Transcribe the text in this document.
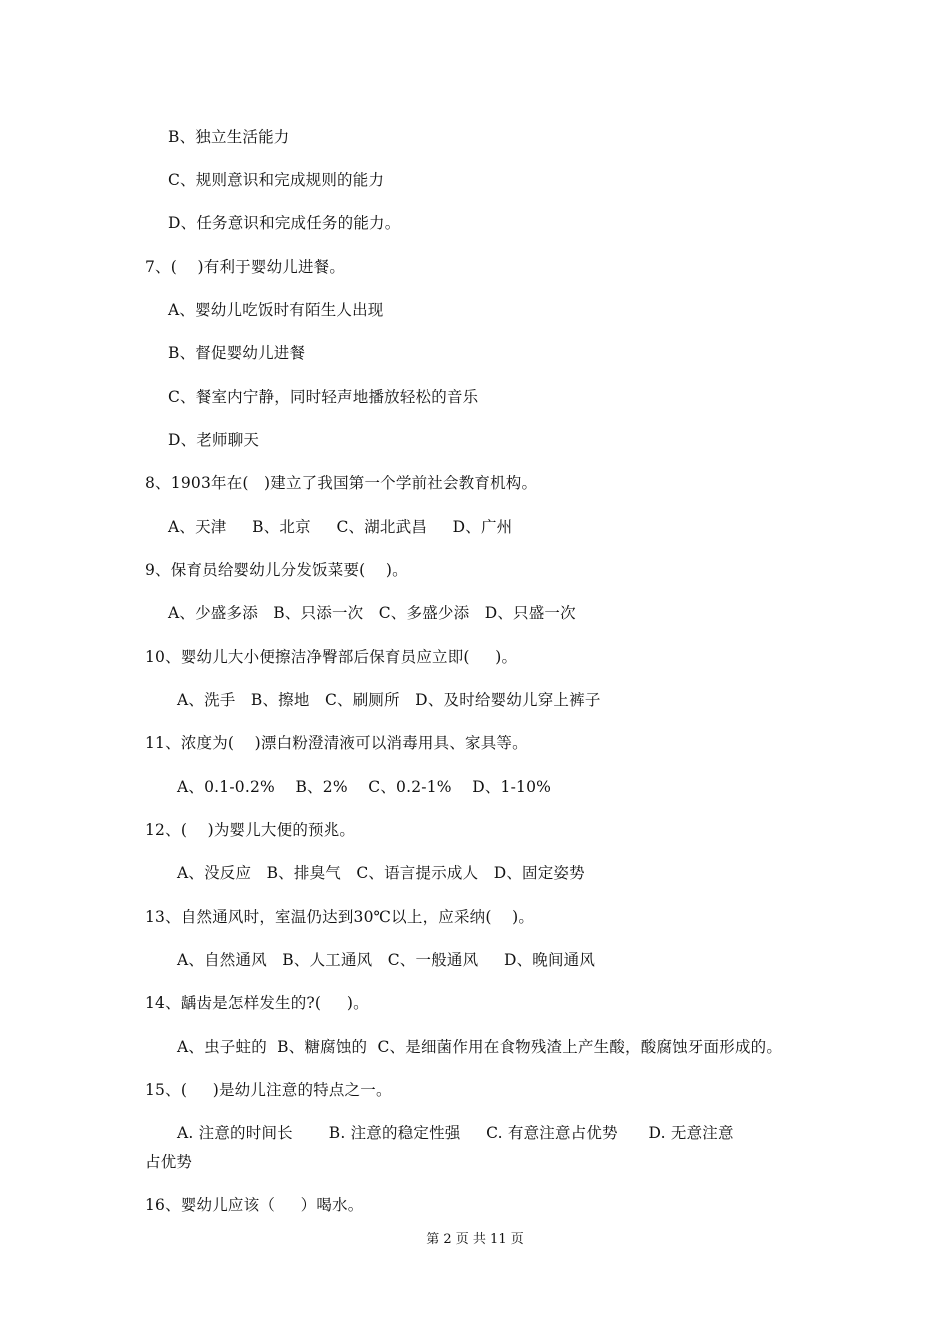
B、独立生活能力
C、规则意识和完成规则的能力
D、任务意识和完成任务的能力。
7、(    )有利于婴幼儿进餐。
A、婴幼儿吃饭时有陌生人出现
B、督促婴幼儿进餐
C、餐室内宁静，同时轻声地播放轻松的音乐
D、老师聊天
8、1903年在(   )建立了我国第一个学前社会教育机构。
A、天津     B、北京     C、湖北武昌     D、广州
9、保育员给婴幼儿分发饭菜要(    )。
A、少盛多添   B、只添一次   C、多盛少添   D、只盛一次
10、婴幼儿大小便擦洁净臀部后保育员应立即(     )。
A、洗手   B、擦地   C、刷厕所   D、及时给婴幼儿穿上裤子
11、浓度为(    )漂白粉澄清液可以消毒用具、家具等。
A、0.1-0.2%    B、2%    C、0.2-1%    D、1-10%
12、(    )为婴儿大便的预兆。
A、没反应   B、排臭气   C、语言提示成人   D、固定姿势
13、自然通风时，室温仍达到30℃以上，应采纳(    )。
A、自然通风   B、人工通风   C、一般通风     D、晚间通风
14、龋齿是怎样发生的?(     )。
A、虫子蛀的  B、糖腐蚀的  C、是细菌作用在食物残渣上产生酸，酸腐蚀牙面形成的。
15、(     )是幼儿注意的特点之一。
A. 注意的时间长       B. 注意的稳定性强     C. 有意注意占优势      D. 无意注意
占优势
16、婴幼儿应该（     ）喝水。
第 2 页 共 11 页
